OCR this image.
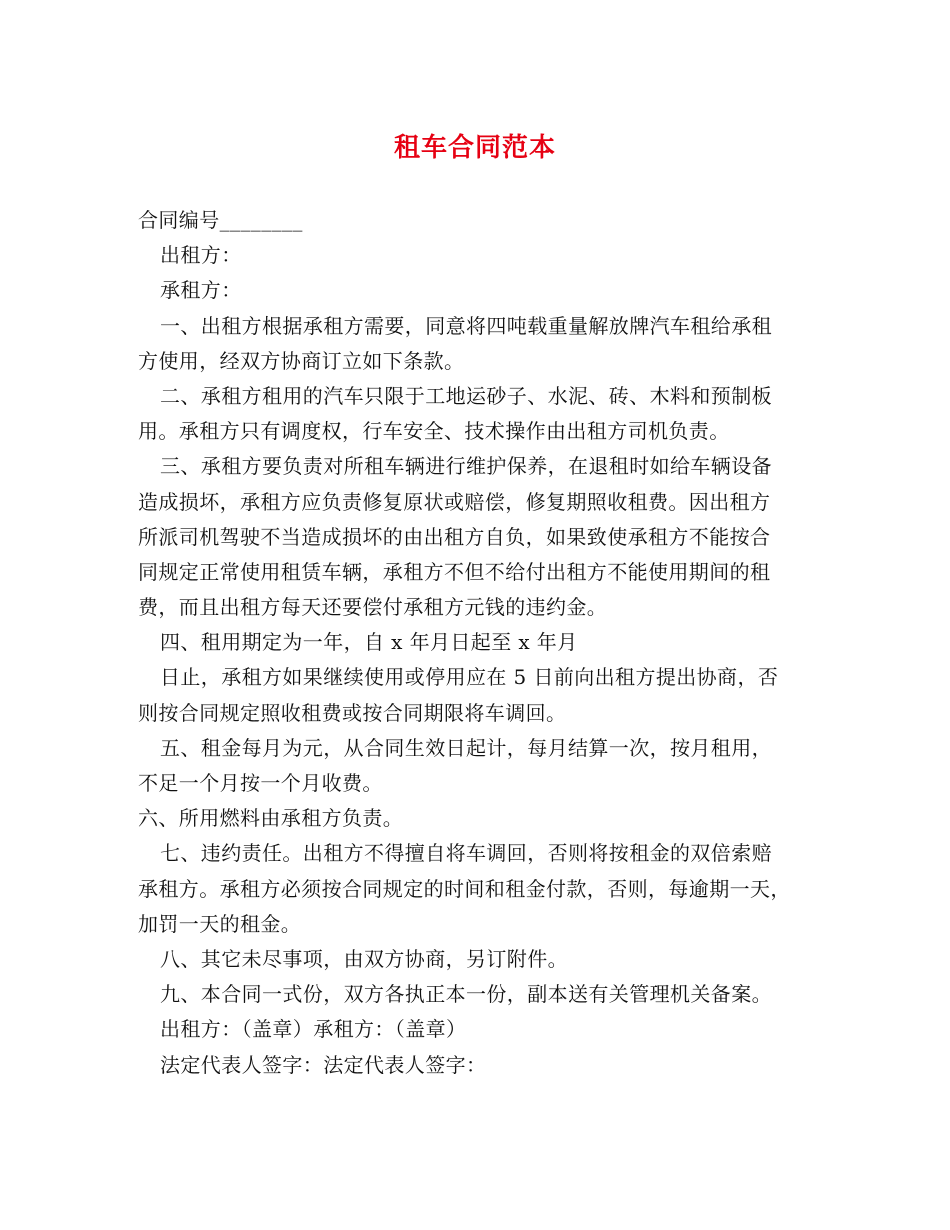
租车合同范本
合同编号________
出租方：
承租方：
一、出租方根据承租方需要，同意将四吨载重量解放牌汽车租给承租
方使用，经双方协商订立如下条款。
二、承租方租用的汽车只限于工地运砂子、水泥、砖、木料和预制板
用。承租方只有调度权，行车安全、技术操作由出租方司机负责。
三、承租方要负责对所租车辆进行维护保养，在退租时如给车辆设备
造成损坏，承租方应负责修复原状或赔偿，修复期照收租费。因出租方
所派司机驾驶不当造成损坏的由出租方自负，如果致使承租方不能按合
同规定正常使用租赁车辆，承租方不但不给付出租方不能使用期间的租
费，而且出租方每天还要偿付承租方元钱的违约金。
四、租用期定为一年，自 x 年月日起至 x 年月
日止，承租方如果继续使用或停用应在 5 日前向出租方提出协商，否
则按合同规定照收租费或按合同期限将车调回。
五、租金每月为元，从合同生效日起计，每月结算一次，按月租用，
不足一个月按一个月收费。
六、所用燃料由承租方负责。
七、违约责任。出租方不得擅自将车调回，否则将按租金的双倍索赔
承租方。承租方必须按合同规定的时间和租金付款，否则，每逾期一天，
加罚一天的租金。
八、其它未尽事项，由双方协商，另订附件。
九、本合同一式份，双方各执正本一份，副本送有关管理机关备案。
出租方：（盖章）承租方：（盖章）
法定代表人签字：法定代表人签字：
